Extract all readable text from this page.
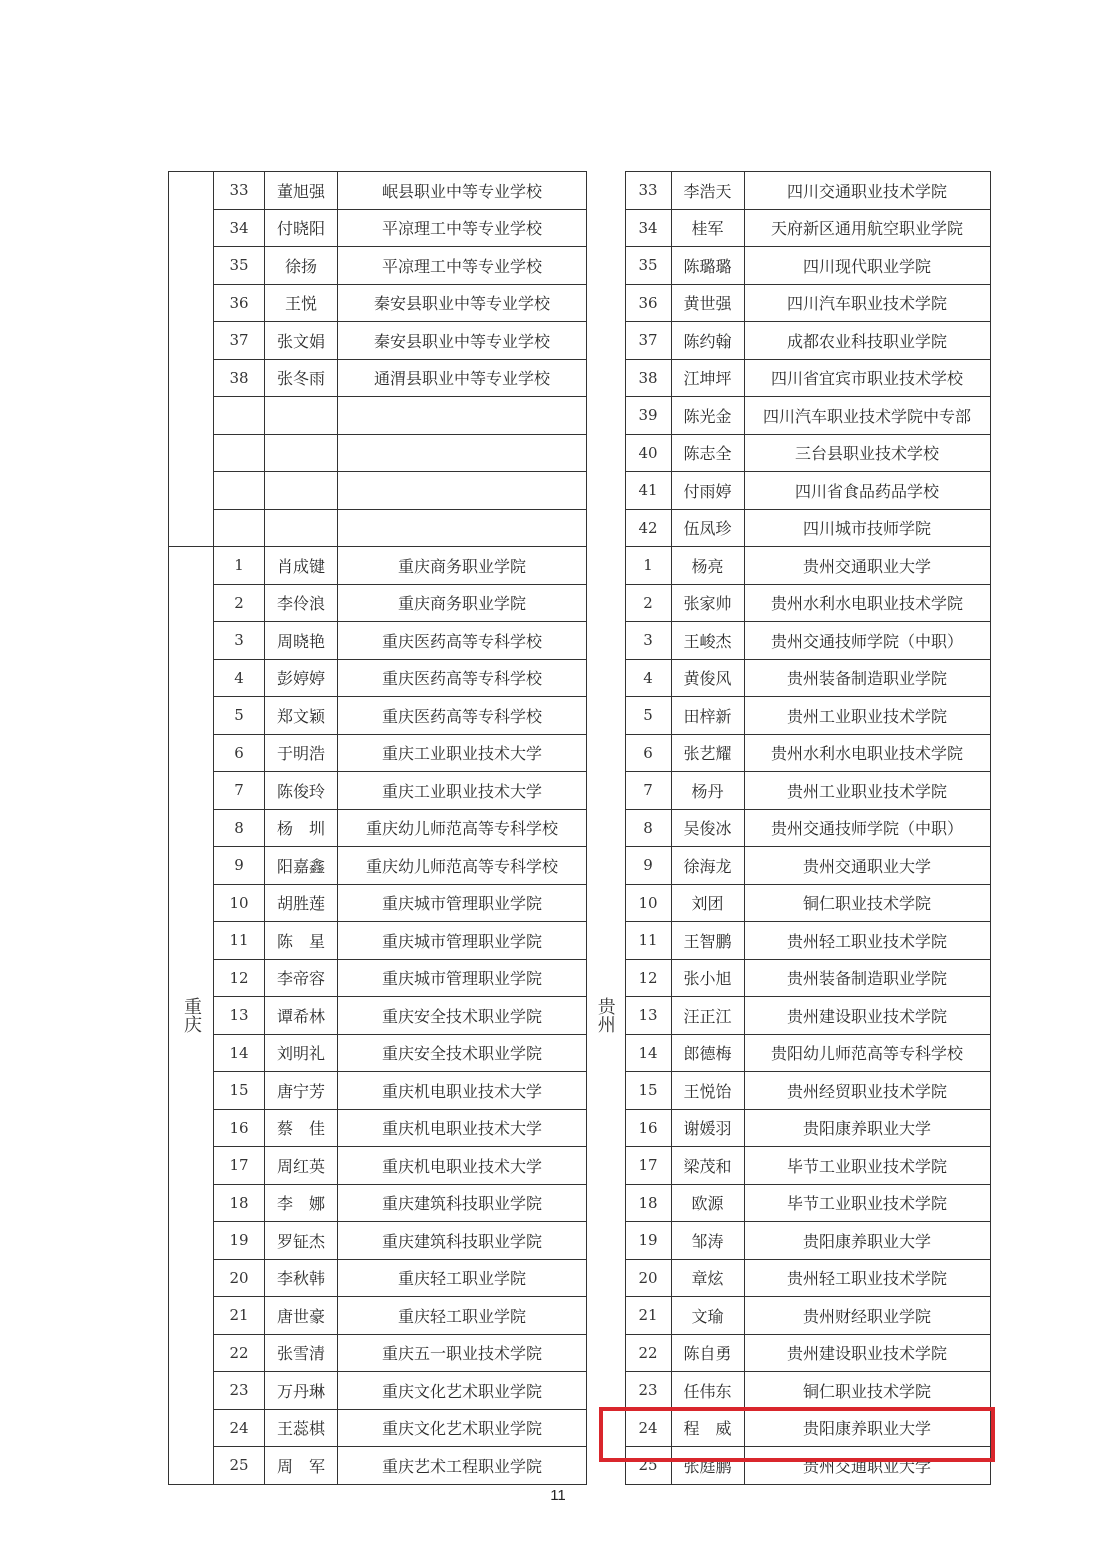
	33	董旭强	岷县职业中等专业学校
	34	付晓阳	平凉理工中等专业学校
	35	徐扬	平凉理工中等专业学校
	36	王悦	秦安县职业中等专业学校
	37	张文娟	秦安县职业中等专业学校
	38	张冬雨	通渭县职业中等专业学校

重庆	1	肖成键	重庆商务职业学院
	2	李伶浪	重庆商务职业学院
	3	周晓艳	重庆医药高等专科学校
	4	彭婷婷	重庆医药高等专科学校
	5	郑文颖	重庆医药高等专科学校
	6	于明浩	重庆工业职业技术大学
	7	陈俊玲	重庆工业职业技术大学
	8	杨　圳	重庆幼儿师范高等专科学校
	9	阳嘉鑫	重庆幼儿师范高等专科学校
	10	胡胜莲	重庆城市管理职业学院
	11	陈　星	重庆城市管理职业学院
	12	李帝容	重庆城市管理职业学院
	13	谭希林	重庆安全技术职业学院
	14	刘明礼	重庆安全技术职业学院
	15	唐宁芳	重庆机电职业技术大学
	16	蔡　佳	重庆机电职业技术大学
	17	周红英	重庆机电职业技术大学
	18	李　娜	重庆建筑科技职业学院
	19	罗钲杰	重庆建筑科技职业学院
	20	李秋韩	重庆轻工职业学院
	21	唐世豪	重庆轻工职业学院
	22	张雪清	重庆五一职业技术学院
	23	万丹琳	重庆文化艺术职业学院
	24	王蕊棋	重庆文化艺术职业学院
	25	周　军	重庆艺术工程职业学院
	33	李浩天	四川交通职业技术学院
	34	桂军	天府新区通用航空职业学院
	35	陈璐璐	四川现代职业学院
	36	黄世强	四川汽车职业技术学院
	37	陈约翰	成都农业科技职业学院
	38	江坤坪	四川省宜宾市职业技术学校
	39	陈光金	四川汽车职业技术学院中专部
	40	陈志全	三台县职业技术学校
	41	付雨婷	四川省食品药品学校
	42	伍凤珍	四川城市技师学院
贵州	1	杨亮	贵州交通职业大学
	2	张家帅	贵州水利水电职业技术学院
	3	王峻杰	贵州交通技师学院（中职）
	4	黄俊风	贵州装备制造职业学院
	5	田梓新	贵州工业职业技术学院
	6	张艺耀	贵州水利水电职业技术学院
	7	杨丹	贵州工业职业技术学院
	8	吴俊冰	贵州交通技师学院（中职）
	9	徐海龙	贵州交通职业大学
	10	刘团	铜仁职业技术学院
	11	王智鹏	贵州轻工职业技术学院
	12	张小旭	贵州装备制造职业学院
	13	汪正江	贵州建设职业技术学院
	14	郎德梅	贵阳幼儿师范高等专科学校
	15	王悦饴	贵州经贸职业技术学院
	16	谢媛羽	贵阳康养职业大学
	17	梁茂和	毕节工业职业技术学院
	18	欧源	毕节工业职业技术学院
	19	邹涛	贵阳康养职业大学
	20	章炫	贵州轻工职业技术学院
	21	文瑜	贵州财经职业学院
	22	陈自勇	贵州建设职业技术学院
	23	任伟东	铜仁职业技术学院
	24	程　威	贵阳康养职业大学
	25	张庭鹏	贵州交通职业大学
11
